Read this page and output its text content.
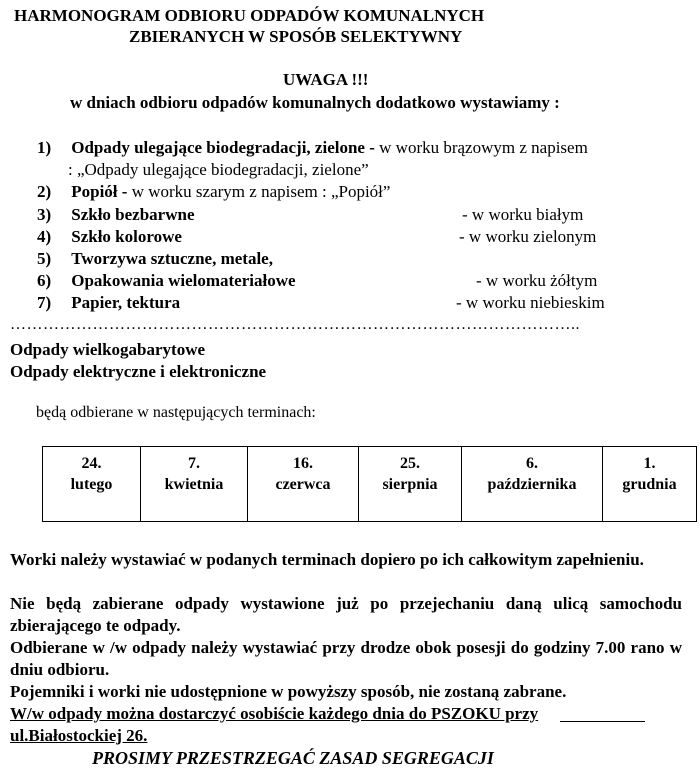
HARMONOGRAM ODBIORU ODPADÓW KOMUNALNYCH
ZBIERANYCH W SPOSÓB SELEKTYWNY
UWAGA !!!
w dniach odbioru odpadów komunalnych dodatkowo wystawiamy :
1) Odpady ulegające biodegradacji, zielone - w worku brązowym z napisem
: „Odpady ulegające biodegradacji, zielone”
2) Popiół - w worku szarym z napisem : „Popiół”
3) Szkło bezbarwne	- w worku białym
4) Szkło kolorowe	- w worku zielonym
5) Tworzywa sztuczne, metale,
6) Opakowania wielomateriałowe	- w worku żółtym
7) Papier, tektura	- w worku niebieskim
…………………………………………………………………………………………..
Odpady wielkogabarytowe
Odpady elektryczne i elektroniczne
będą odbierane w następujących terminach:
24.
lutego

7.
kwietnia

16.
czerwca

25.
sierpnia

6.
października

1.
grudnia
Worki należy wystawiać w podanych terminach dopiero po ich całkowitym zapełnieniu.
Nie będą zabierane odpady wystawione już po przejechaniu daną ulicą samochodu zbierającego te odpady.
Odbierane w /w odpady należy wystawiać przy drodze obok posesji do godziny 7.00 rano w dniu odbioru.
Pojemniki i worki nie udostępnione w powyższy sposób, nie zostaną zabrane.
W/w odpady można dostarczyć osobiście każdego dnia do PSZOKU przy
ul.Białostockiej 26.
PROSIMY PRZESTRZEGAĆ ZASAD SEGREGACJI
